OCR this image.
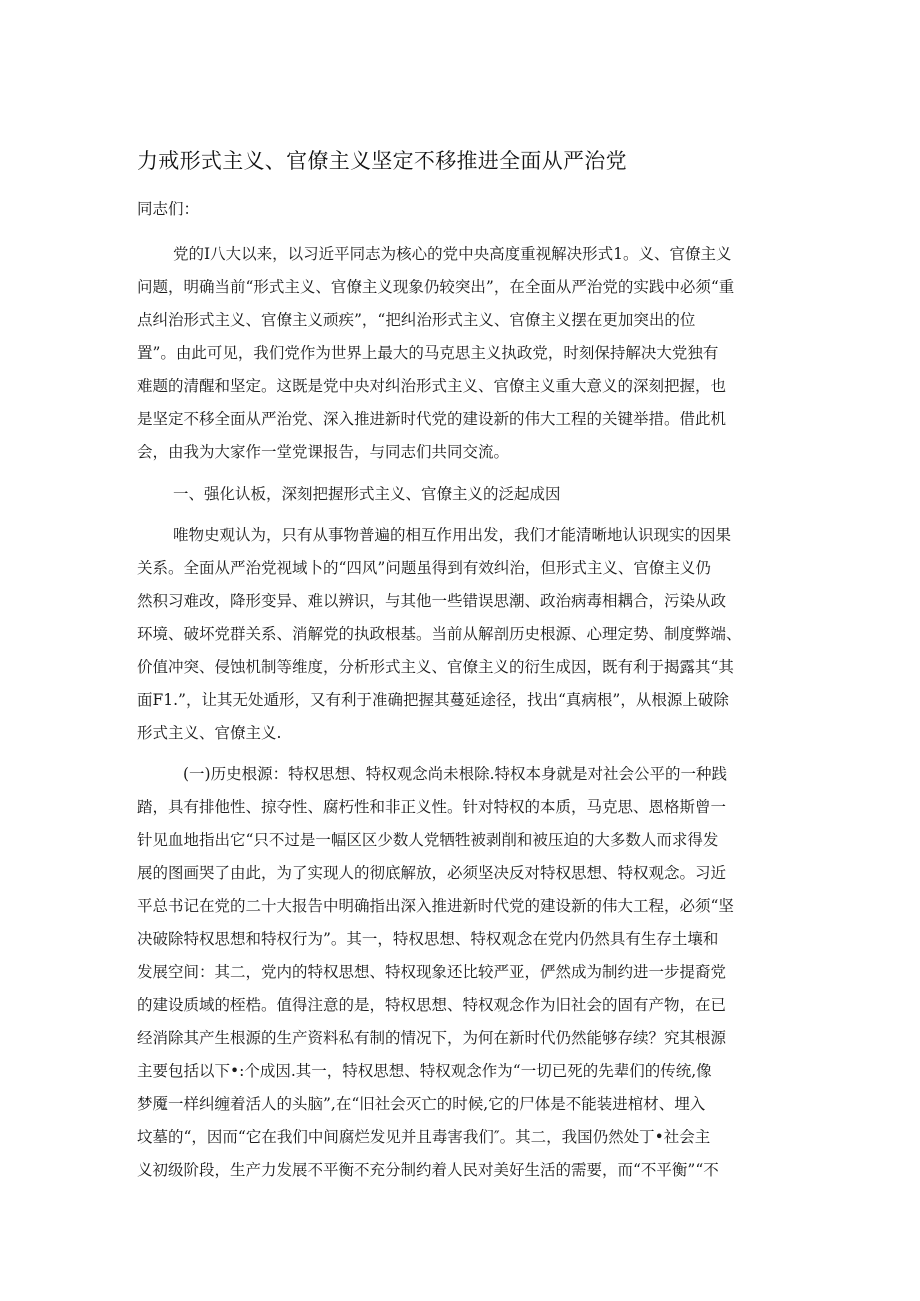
力戒形式主义、官僚主义坚定不移推进全面从严治党

同志们：

党的I八大以来，以习近平同志为核心的党中央高度重视解决形式1。义、官僚主义

问题，明确当前“形式主义、官僚主义现象仍较突出”，在全面从严治党的实践中必须“重

点纠治形式主义、官僚主义顽疾”，“把纠治形式主义、官僚主义摆在更加突出的位

置”。由此可见，我们党作为世界上最大的马克思主义执政党，时刻保持解决大党独有

难题的清醒和坚定。这既是党中央对纠治形式主义、官僚主义重大意义的深刻把握，也

是坚定不移全面从严治党、深入推进新时代党的建设新的伟大工程的关键举措。借此机

会，由我为大家作一堂党课报告，与同志们共同交流。

一、强化认板，深刻把握形式主义、官僚主义的泛起成因

唯物史观认为，只有从事物普遍的相互作用出发，我们才能清晰地认识现实的因果

关系。全面从严治党视域卜的“四风”问题虽得到有效纠治，但形式主义、官僚主义仍

然积习难改，降形变异、难以辨识，与其他一些错误思潮、政治病毒相耦合，污染从政

环境、破坏党群关系、消解党的执政根基。当前从解剖历史根源、心理定势、制度弊端、

价值冲突、侵蚀机制等维度，分析形式主义、官僚主义的衍生成因，既有利于揭露其“其

面F1.”，让其无处遁形，又有利于准确把握其蔓延途径，找出“真病根”，从根源上破除

形式主义、官僚主义.

(一)历史根源：特权思想、特权观念尚未根除.特权本身就是对社会公平的一种践

踏，具有排他性、掠夺性、腐朽性和非正义性。针对特权的本质，马克思、恩格斯曾一

针见血地指出它“只不过是一幅区区少数人党牺牲被剥削和被压迫的大多数人而求得发

展的图画哭了由此，为了实现人的彻底解放，必须坚决反对特权思想、特权观念。习近

平总书记在党的二十大报告中明确指出深入推进新时代党的建设新的伟大工程，必须“坚

决破除特权思想和特权行为”。其一，特权思想、特权观念在党内仍然具有生存土壤和

发展空间：其二，党内的特权思想、特权现象还比较严亚，俨然成为制约进一步提裔党

的建设质域的桎梏。值得注意的是，特权思想、特权观念作为旧社会的固有产物，在已

经消除其产生根源的生产资料私有制的情况下，为何在新时代仍然能够存续？究其根源

主要包括以下•:个成因.其一，特权思想、特权观念作为“一切已死的先辈们的传统,像

梦魇一样纠缠着活人的头脑”,在“旧社会灭亡的时候,它的尸体是不能装进棺材、埋入

坟墓的“，因而“它在我们中间腐烂发见并且毒害我们″。其二，我国仍然处丁•社会主

义初级阶段，生产力发展不平衡不充分制约着人民对美好生活的需要，而“不平衡”“不
